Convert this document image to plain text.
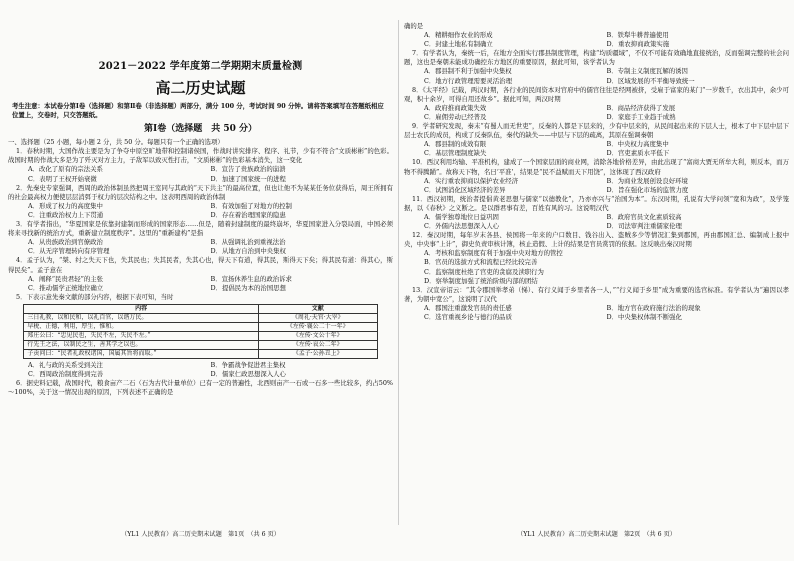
2021－2022 学年度第二学期期末质量检测
高二历史试题
考生注意：本试卷分第Ⅰ卷（选择题）和第Ⅱ卷（非选择题）两部分，满分 100 分，考试时间 90 分钟。请将答案填写在答题纸相应位置上，交卷时，只交答题纸。
第Ⅰ卷（选择题　共 50 分）
一、选择题（25 小题，每小题 2 分，共 50 分。每题只有一个正确的选项）
1．春秋时期，大国作战主要是为了争夺中原空旷地带和控制诸侯国，作战时讲究排序、程序、礼节，少有不符合“文质彬彬”的色彩。战国时期的作战大多是为了歼灭对方主力，子敌军以致灭性打击，“文质彬彬”的色彩基本消失，这一变化
A．改化了原有的宗法关系	B．宣告了贵族政治的崩溃
C．表明了王权开始衰微	D．加速了国家统一的进程
2．先秦史专家强调，西周的政治体制虽然把周王室同与其政的“天下共主”的最高位置，但也让他不为某某任务位获得后，周王所拥有的社会最高权力便使层层消弭于权力的层次结构之中。这表明西周的政治体制
A．形成了权力的高度集中	B．有效加强了对地方的控制
C．注重政治权力上下贯通	D．存在着治理国家的隐患
3．有学者指出，“华夏国家是依靠封建制而形成的国家形态……但是，随着封建制度的最终崩坏，华夏国家进入分裂局面，中国必须将来寻找新的统治方式，重新建立制度秩序”。这里的“重新建构”是指
A．从贵族政治到官僚政治	B．从强调礼治到重视法治
C．从无序管理转向有序管理	D．从地方自治到中央集权
4．孟子认为，“桀、纣之失天下也，失其民也；失其民者，失其心也，得天下有道，得其民，斯得天下矣；得其民有道：得其心，斯得民矣”。孟子意在
A．阐释“民贵君轻”的主张	B．宣扬休养生息的政治诉求
C．推动儒学正统地位确立	D．提倡民为本的治国思想
5．下表示意先秦文献的部分内容，根据下表可知，当时
内容	文献
三日礼教，以和民和，以礼百官，以谐万民。	《周礼·天官·大宰》
早税、正德，利用，厚生，惟和。	《左传·襄公二十一年》
郑庄公曰：“忠见民也，失民不左，失民不左。”	《左传·文公十年》
行先王之法，以制民之生，善其学之以也。	《左传·哀公二年》
子贡问曰：“民者礼政权诸国，国属其旨将而取。”	《孟子·公孙丑上》
A．礼与政的关系受到关注	B．争霸战争促进君主集权
C．西周政治制度得到完善	D．儒家仁政思想深入人心
6．据史料记载，战国时代，粮食亩产二石（石为古代计量单位）已有一定的普遍性，北西则亩产一石或一石多一些比较多，约占50%～100%，关于这一情况出现的原因，下列表述不正确的是
确的是
A．精耕细作农业的形成	B．铁犁牛耕普遍使用
C．封建土地私有制确立	D．重农抑商政策实施
7．有学者认为，秦统一后，在地方全面实行郡县制度管理，构建“均质疆域”，不仅不可能有效确地直接统治，反而强调完整的社会问题，这也是秦朝未能成功确控东方地区的重要原因，据此可知，该学者认为
A．郡县制不利于加强中央集权	B．专制主义制度瓦解的诱因
C．地方行政管理需要灵活治理	D．区域发展的不平衡导致统一
8．《太平经》记载，两汉时期，各行业的民间资本对官府中的儒官往往是经网被挤，受雇于富家的某门“一岁数千，衣出其中，余少可观，积十余岁，可得自用还故乡”。据此可知，两汉时期
A．政府推商政策失效	B．商品经济获得了发展
C．雇佣劳动已经普及	D．家庭手工业趋于成熟
9．学者研究发现，秦末“有蜀人而无世吏”，反秦的人都是下层来的，少有中层来的，从民间起出来的下层人士，根本了中下层中层下层士农氏的成员，构成了反秦队伍，秦代的缺失——中层与下层的疏离，其原在强调秦朝
A．郡县制的成效有限	B．中央权力高度集中
C．基层管理制度缺失	D．官吏素质水平低下
10．西汉利用均输、平准机构，建成了一个国家层面的商业网，消除各地价格差异，由此出现了“富商大贾无所牟大利，则反本，而万物不得腾踊”。故称天下物，名曰‘平准’，结果是“民不益赋而天下用饶”，这体现了西汉政府
A．实行重农抑商以保护农业经济	B．为商业发展创设良好环境
C．试图消化区域经济的差异	D．旨在强化市场的监管力度
11．西汉初期，统治者提倡黄老思想与儒家“以德教化”，乃亦亦兴与“治国为本”。东汉时期，孔说有大学问领“宽和为政”，及学笼据，以《春秋》之义断之。是以群君事有差，百姓有风的习。这说明汉代
A．儒学独尊地位日益巩固	B．政府官员文化素质较高
C．外儒内法思想深入人心	D．司法审判注重儒家伦理
12．秦汉时期，每年岁末各县、侯国将一年来的户口数目、钱谷出入、盗贼多少等情况汇集到郡国，再由郡国汇总、编制成上报中央，中央事“上计”，御史负责审核计簿，核止造假、上计的结果是官员赏罚的依据。这反映出秦汉时期
A．考核和监察制度有利于加强中央对地方的管控
B．官员的选拔方式和流程已经比较完善
C．监察制度杜绝了官吏的贪腐及渎职行为
D．察举制度加强了统治阶级内部的团结
13．汉宣帝诏云：“其令郡国举孝弟（悌）、有行义闻于乡里者各一人，”“行义闻于乡里”成为重要的选官标准。有学者认为“遍因以孝著，为朝中宽公”，这说明了汉代
A．郡国注重激发官员的责任感	B．地方官在政府施行法治的现象
C．选官重视乡论与德行的品质	D．中央集权体制不断强化
（YL1 人民教育）高二历史期末试题　第1页　（共 6 页）	（YL1 人民教育）高二历史期末试题　第2页　（共 6 页）
